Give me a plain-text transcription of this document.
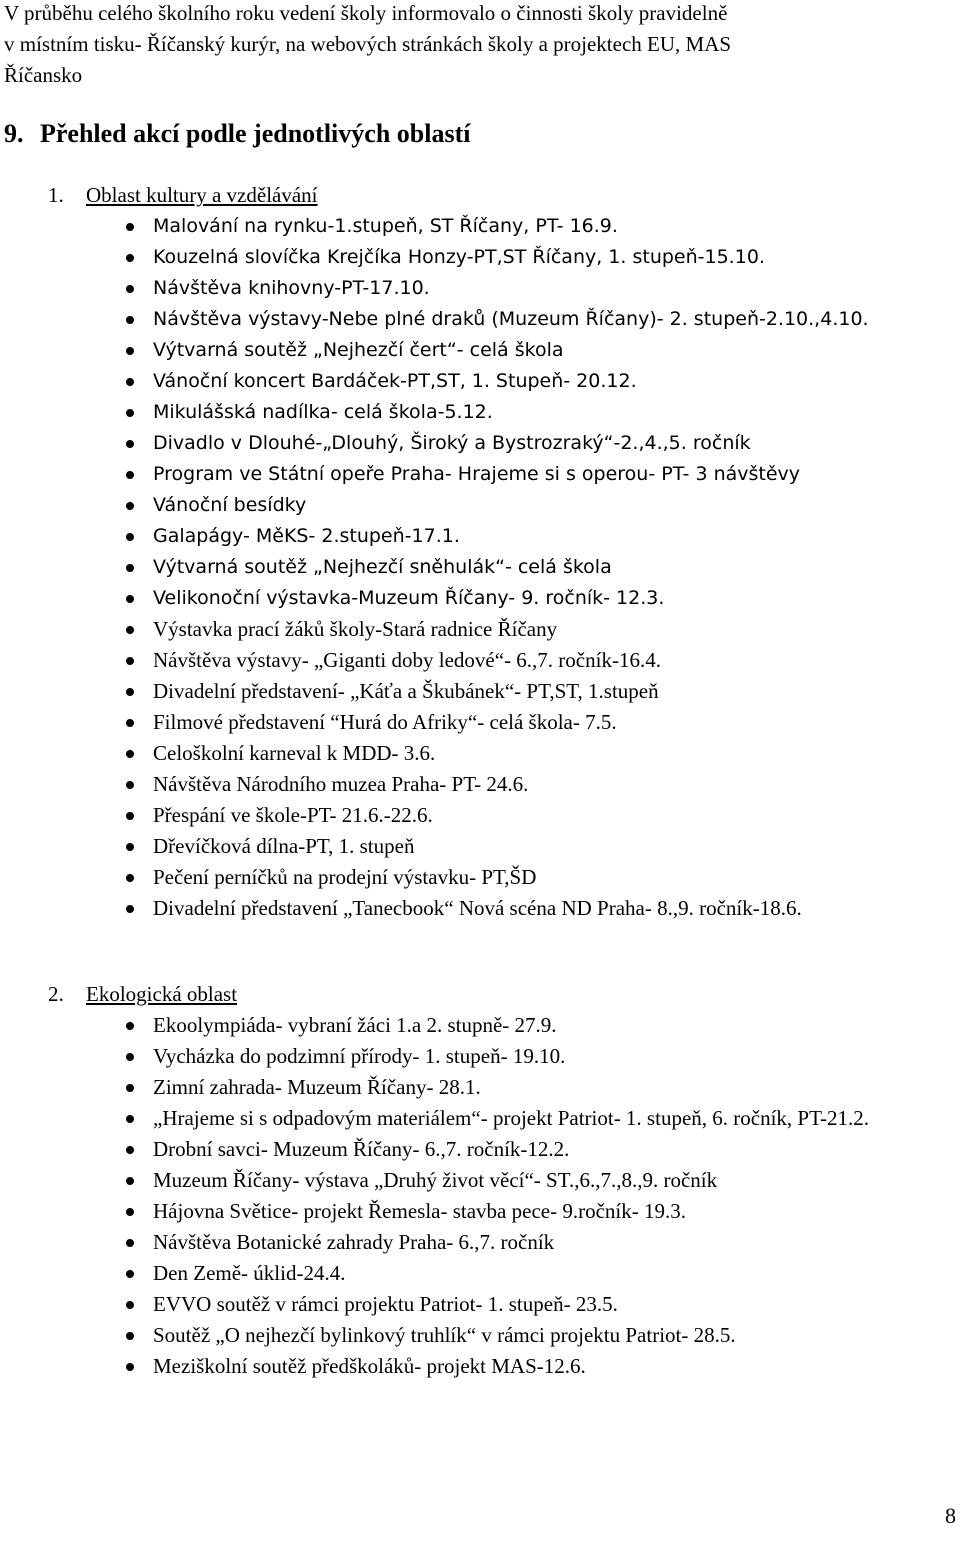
V průběhu celého školního roku vedení školy informovalo o činnosti školy pravidelně

v místním tisku- Říčanský kurýr, na webových stránkách školy a projektech EU, MAS

Říčansko

9. Přehled akcí podle jednotlivých oblastí
1. Oblast kultury a vzdělávání
Malování na rynku-1.stupeň, ST Říčany, PT- 16.9.
Kouzelná slovíčka Krejčíka Honzy-PT,ST Říčany, 1. stupeň-15.10.
Návštěva knihovny-PT-17.10.
Návštěva výstavy-Nebe plné draků (Muzeum Říčany)- 2. stupeň-2.10.,4.10.
Výtvarná soutěž „Nejhezčí čert“- celá škola
Vánoční koncert Bardáček-PT,ST, 1. Stupeň- 20.12.
Mikulášská nadílka- celá škola-5.12.
Divadlo v Dlouhé-„Dlouhý, Široký a Bystrozraký“-2.,4.,5. ročník
Program ve Státní opeře Praha- Hrajeme si s operou- PT- 3 návštěvy
Vánoční besídky
Galapágy- MěKS- 2.stupeň-17.1.
Výtvarná soutěž „Nejhezčí sněhulák“- celá škola
Velikonoční výstavka-Muzeum Říčany- 9. ročník- 12.3.
Výstavka prací žáků školy-Stará radnice Říčany
Návštěva výstavy- „Giganti doby ledové“- 6.,7. ročník-16.4.
Divadelní představení- „Káťa a Škubánek“- PT,ST, 1.stupeň
Filmové představení “Hurá do Afriky“- celá škola- 7.5.
Celoškolní karneval k MDD- 3.6.
Návštěva Národního muzea Praha- PT- 24.6.
Přespání ve škole-PT- 21.6.-22.6.
Dřevíčková dílna-PT, 1. stupeň
Pečení perníčků na prodejní výstavku- PT,ŠD
Divadelní představení „Tanecbook“ Nová scéna ND Praha- 8.,9. ročník-18.6.
2. Ekologická oblast
Ekoolympiáda- vybraní žáci 1.a 2. stupně- 27.9.
Vycházka do podzimní přírody- 1. stupeň- 19.10.
Zimní zahrada- Muzeum Říčany- 28.1.
„Hrajeme si s odpadovým materiálem“- projekt Patriot- 1. stupeň, 6. ročník, PT-21.2.
Drobní savci- Muzeum Říčany- 6.,7. ročník-12.2.
Muzeum Říčany- výstava „Druhý život věcí“- ST.,6.,7.,8.,9. ročník
Hájovna Světice- projekt Řemesla- stavba pece- 9.ročník- 19.3.
Návštěva Botanické zahrady Praha- 6.,7. ročník
Den Země- úklid-24.4.
EVVO soutěž v rámci projektu Patriot- 1. stupeň- 23.5.
Soutěž „O nejhezčí bylinkový truhlík“ v rámci projektu Patriot- 28.5.
Meziškolní soutěž předškoláků- projekt MAS-12.6.
8
